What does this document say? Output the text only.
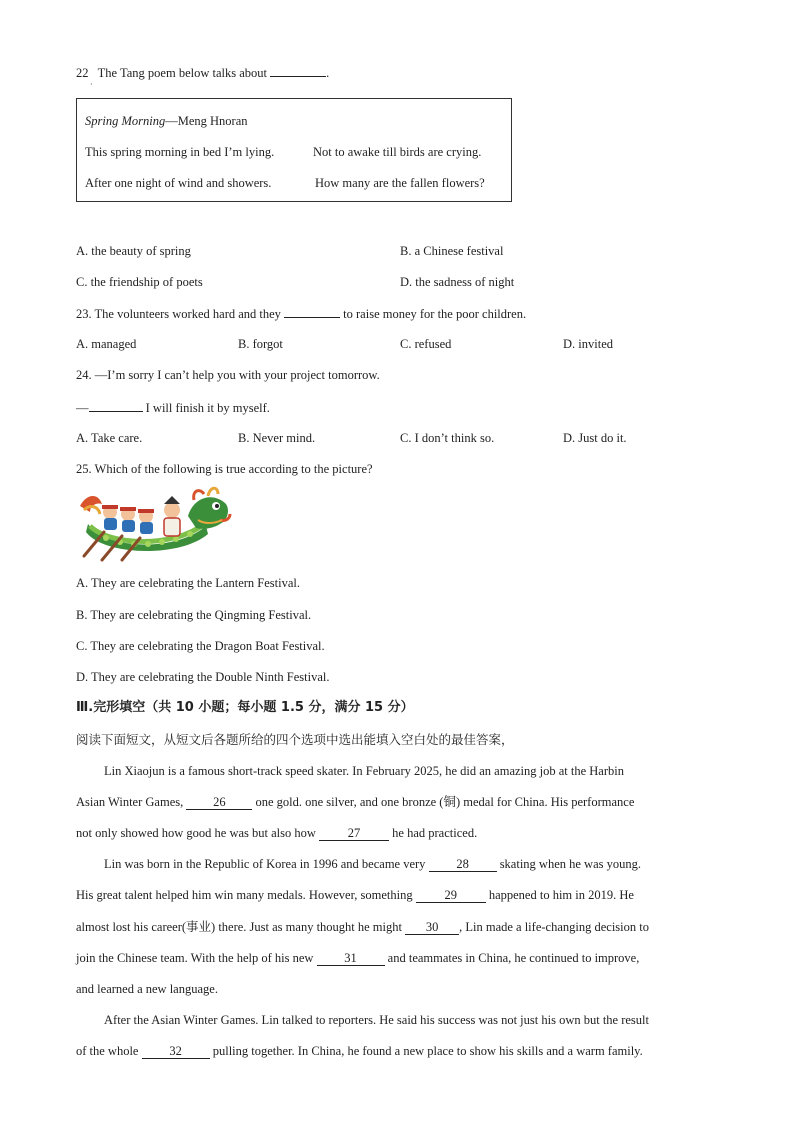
22 The Tang poem below talks about	.
·
Spring Morning—Meng Hnoran
This spring morning in bed I’m lying.	Not to awake till birds are crying.
After one night of wind and showers.	How many are the fallen flowers?
A. the beauty of spring	B. a Chinese festival
C. the friendship of poets	D. the sadness of night
23. The volunteers worked hard and they	to raise money for the poor children.
A. managed	B. forgot	C. refused	D. invited
24. —I’m sorry I can’t help you with your project tomorrow.
—	I will finish it by myself.
A. Take care.	B. Never mind.	C. I don’t think so.	D. Just do it.
25. Which of the following is true according to the picture?
A. They are celebrating the Lantern Festival.
B. They are celebrating the Qingming Festival.
C. They are celebrating the Dragon Boat Festival.
D. They are celebrating the Double Ninth Festival.
Ⅲ.完形填空（共 10 小题；每小题 1.5 分，满分 15 分）
阅读下面短文，从短文后各题所给的四个选项中选出能填入空白处的最佳答案，
Lin Xiaojun is a famous short-track speed skater. In February 2025, he did an amazing job at the Harbin
Asian Winter Games, 26 one gold. one silver, and one bronze (铜) medal for China. His performance
not only showed how good he was but also how	27	he had practiced.
Lin was born in the Republic of Korea in 1996 and became very 28 skating when he was young.
His great talent helped him win many medals. However, something	29	happened to him in 2019. He
almost lost his career(事业) there. Just as many thought he might 30 , Lin made a life-changing decision to
join the Chinese team. With the help of his new 31 and teammates in China, he continued to improve,
and learned a new language.
After the Asian Winter Games. Lin talked to reporters. He said his success was not just his own but the result
of the whole 32 pulling together. In China, he found a new place to show his skills and a warm family.
